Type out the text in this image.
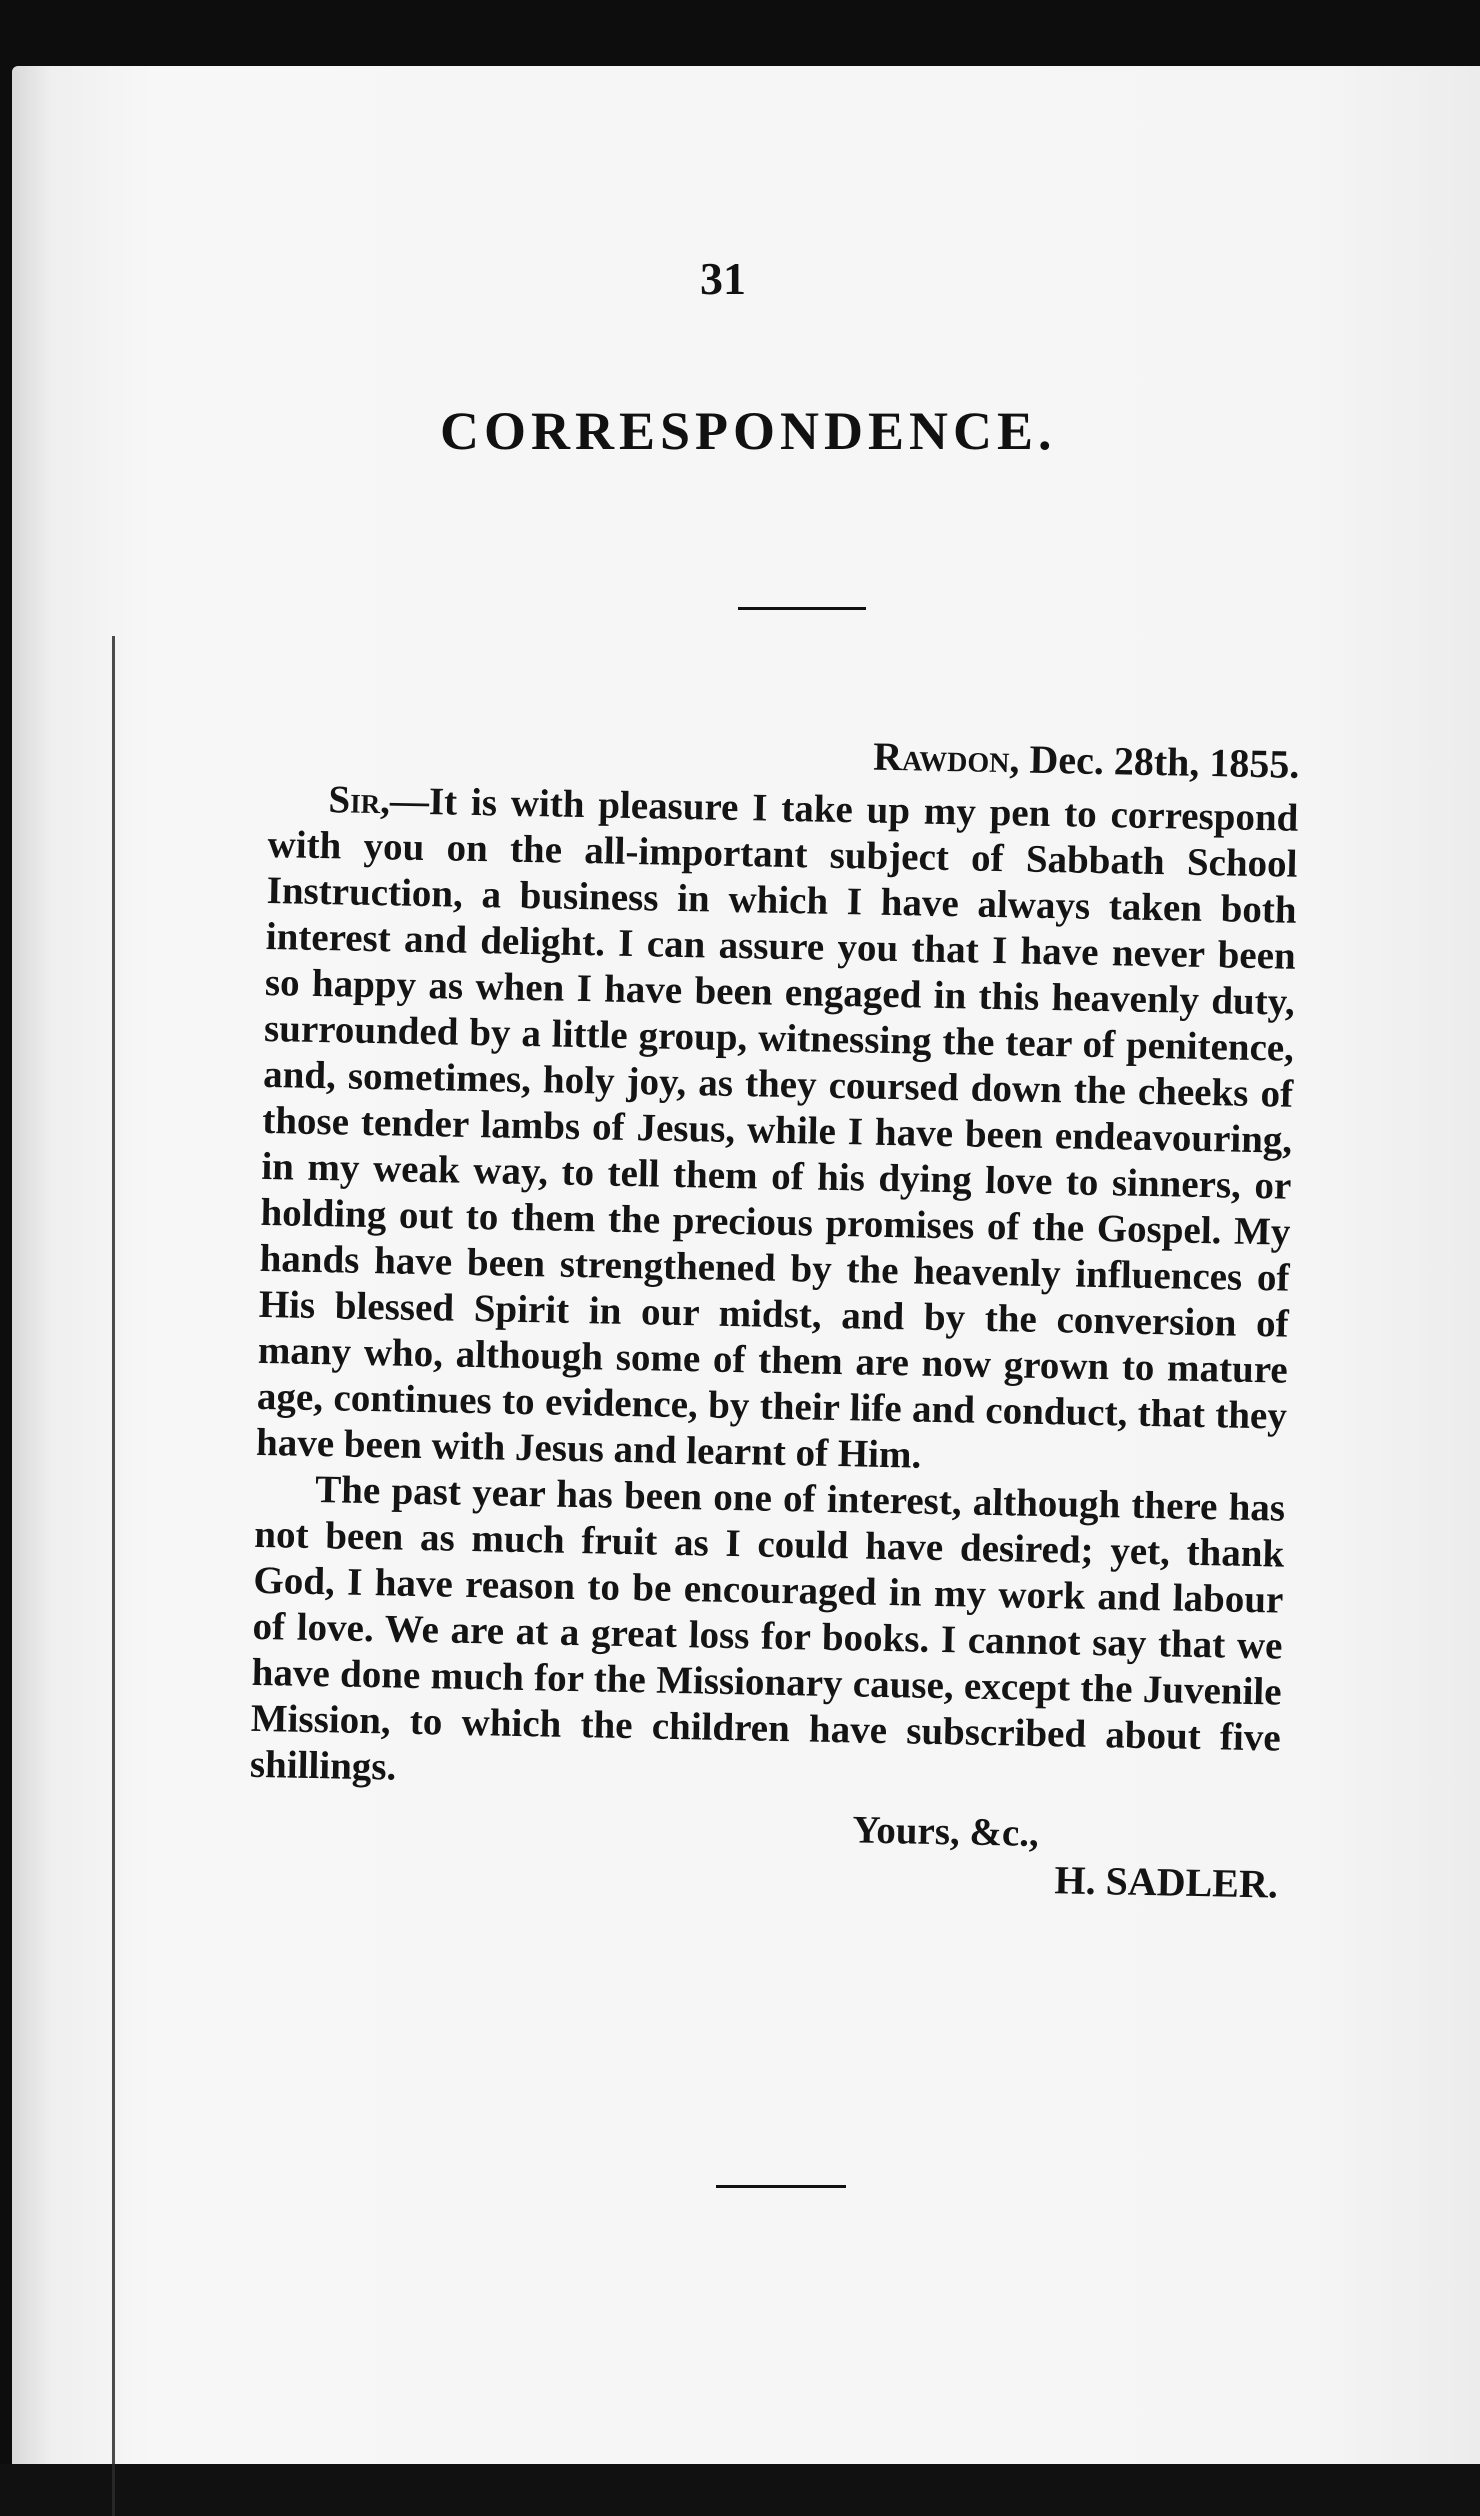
31
CORRESPONDENCE.

Rawdon, Dec. 28th, 1855.

Sir,—It is with pleasure I take up my pen to correspond with you on the all-important subject of Sabbath School Instruction, a business in which I have always taken both interest and delight. I can assure you that I have never been so happy as when I have been engaged in this heavenly duty, surrounded by a little group, witnessing the tear of penitence, and, sometimes, holy joy, as they coursed down the cheeks of those tender lambs of Jesus, while I have been endeavouring, in my weak way, to tell them of his dying love to sinners, or holding out to them the precious promises of the Gospel. My hands have been strengthened by the heavenly influences of His blessed Spirit in our midst, and by the conversion of many who, although some of them are now grown to mature age, continues to evidence, by their life and conduct, that they have been with Jesus and learnt of Him.

The past year has been one of interest, although there has not been as much fruit as I could have desired; yet, thank God, I have reason to be encouraged in my work and labour of love. We are at a great loss for books. I cannot say that we have done much for the Missionary cause, except the Juvenile Mission, to which the children have subscribed about five shillings.

Yours, &c.,
H. SADLER.
